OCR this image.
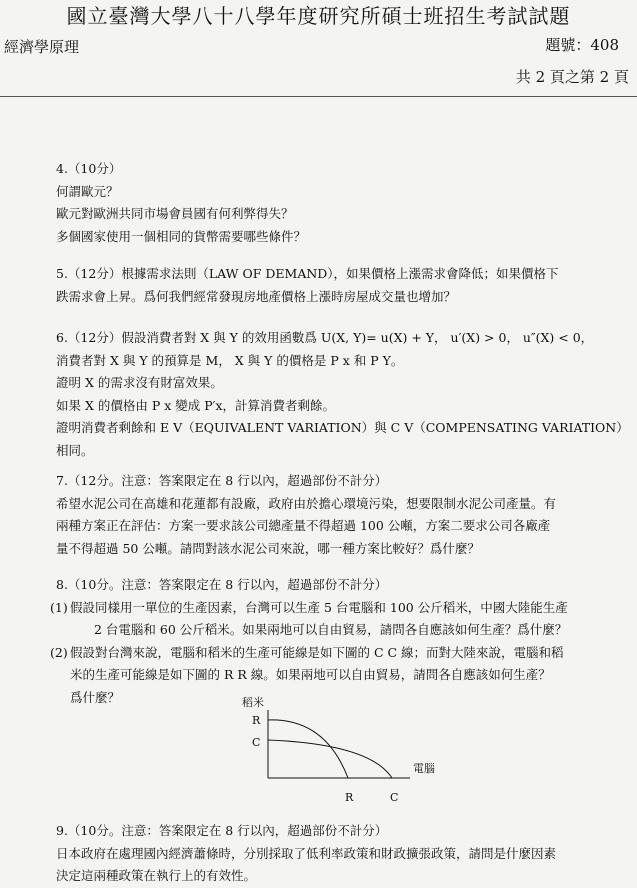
國立臺灣大學八十八學年度研究所碩士班招生考試試題
經濟學原理	題號：408
共 2 頁之第 2 頁
4.（10分）
何謂歐元？
歐元對歐洲共同市場會員國有何利弊得失？
多個國家使用一個相同的貨幣需要哪些條件？
5.（12分）根據需求法則（LAW OF DEMAND），如果價格上漲需求會降低；如果價格下
跌需求會上昇。爲何我們經常發現房地產價格上漲時房屋成交量也增加？
6.（12分）假設消費者對 X 與 Y 的效用函數爲 U(X, Y)= u(X) + Y， u′(X) > 0， u″(X) < 0，
消費者對 X 與 Y 的預算是 M， X 與 Y 的價格是 P x 和 P Y。
證明 X 的需求沒有財富效果。
如果 X 的價格由 P x 變成 P′x，計算消費者剩餘。
證明消費者剩餘和 E V（EQUIVALENT VARIATION）與 C V（COMPENSATING VARIATION）
相同。
7.（12分。注意：答案限定在 8 行以內，超過部份不計分）
希望水泥公司在高雄和花蓮都有設廠，政府由於擔心環境污染，想要限制水泥公司產量。有
兩種方案正在評估：方案一要求該公司總產量不得超過 100 公噸，方案二要求公司各廠產
量不得超過 50 公噸。請問對該水泥公司來說，哪一種方案比較好？爲什麼？
8.（10分。注意：答案限定在 8 行以內，超過部份不計分）
(1) 假設同樣用一單位的生產因素，台灣可以生產 5 台電腦和 100 公斤稻米，中國大陸能生產
2 台電腦和 60 公斤稻米。如果兩地可以自由貿易，請問各自應該如何生產？爲什麼？
(2) 假設對台灣來說，電腦和稻米的生產可能線是如下圖的 C C 線；而對大陸來說，電腦和稻
米的生產可能線是如下圖的 R R 線。如果兩地可以自由貿易，請問各自應該如何生產？
爲什麼？	稻米
R
C
電腦
R	C
9.（10分。注意：答案限定在 8 行以內，超過部份不計分）
日本政府在處理國內經濟蕭條時，分別採取了低利率政策和財政擴張政策，請問是什麼因素
決定這兩種政策在執行上的有效性。
